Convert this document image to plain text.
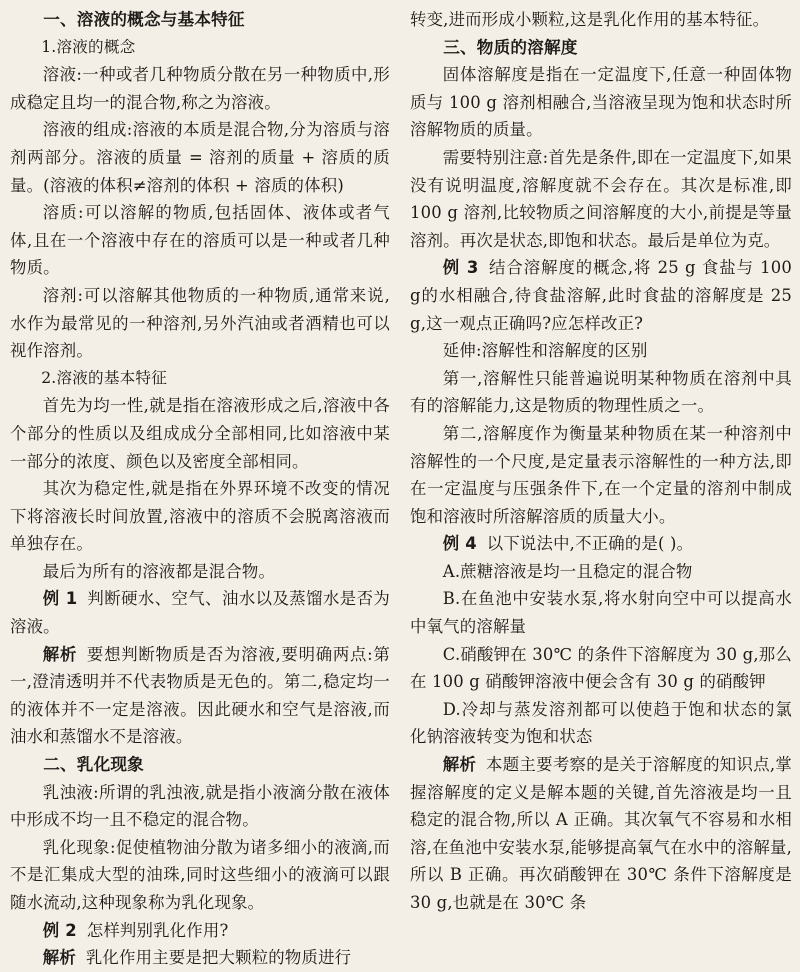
一、溶液的概念与基本特征

1.溶液的概念

溶液:一种或者几种物质分散在另一种物质中,形成稳定且均一的混合物,称之为溶液。

溶液的组成:溶液的本质是混合物,分为溶质与溶剂两部分。溶液的质量 = 溶剂的质量 + 溶质的质量。(溶液的体积≠溶剂的体积 + 溶质的体积)

溶质:可以溶解的物质,包括固体、液体或者气体,且在一个溶液中存在的溶质可以是一种或者几种物质。

溶剂:可以溶解其他物质的一种物质,通常来说,水作为最常见的一种溶剂,另外汽油或者酒精也可以视作溶剂。

2.溶液的基本特征

首先为均一性,就是指在溶液形成之后,溶液中各个部分的性质以及组成成分全部相同,比如溶液中某一部分的浓度、颜色以及密度全部相同。

其次为稳定性,就是指在外界环境不改变的情况下将溶液长时间放置,溶液中的溶质不会脱离溶液而单独存在。

最后为所有的溶液都是混合物。

例 1 判断硬水、空气、油水以及蒸馏水是否为溶液。

解析 要想判断物质是否为溶液,要明确两点:第一,澄清透明并不代表物质是无色的。第二,稳定均一的液体并不一定是溶液。因此硬水和空气是溶液,而油水和蒸馏水不是溶液。

二、乳化现象

乳浊液:所谓的乳浊液,就是指小液滴分散在液体中形成不均一且不稳定的混合物。

乳化现象:促使植物油分散为诸多细小的液滴,而不是汇集成大型的油珠,同时这些细小的液滴可以跟随水流动,这种现象称为乳化现象。

例 2 怎样判别乳化作用?

解析 乳化作用主要是把大颗粒的物质进行

转变,进而形成小颗粒,这是乳化作用的基本特征。

三、物质的溶解度

固体溶解度是指在一定温度下,任意一种固体物质与 100 g 溶剂相融合,当溶液呈现为饱和状态时所溶解物质的质量。

需要特别注意:首先是条件,即在一定温度下,如果没有说明温度,溶解度就不会存在。其次是标准,即 100 g 溶剂,比较物质之间溶解度的大小,前提是等量溶剂。再次是状态,即饱和状态。最后是单位为克。

例 3 结合溶解度的概念,将 25 g 食盐与 100 g的水相融合,待食盐溶解,此时食盐的溶解度是 25 g,这一观点正确吗?应怎样改正?

延伸:溶解性和溶解度的区别

第一,溶解性只能普遍说明某种物质在溶剂中具有的溶解能力,这是物质的物理性质之一。

第二,溶解度作为衡量某种物质在某一种溶剂中溶解性的一个尺度,是定量表示溶解性的一种方法,即在一定温度与压强条件下,在一个定量的溶剂中制成饱和溶液时所溶解溶质的质量大小。

例 4 以下说法中,不正确的是( )。

A.蔗糖溶液是均一且稳定的混合物

B.在鱼池中安装水泵,将水射向空中可以提高水中氧气的溶解量

C.硝酸钾在 30℃ 的条件下溶解度为 30 g,那么在 100 g 硝酸钾溶液中便会含有 30 g 的硝酸钾

D.冷却与蒸发溶剂都可以使趋于饱和状态的氯化钠溶液转变为饱和状态

解析 本题主要考察的是关于溶解度的知识点,掌握溶解度的定义是解本题的关键,首先溶液是均一且稳定的混合物,所以 A 正确。其次氧气不容易和水相溶,在鱼池中安装水泵,能够提高氧气在水中的溶解量,所以 B 正确。再次硝酸钾在 30℃ 条件下溶解度是 30 g,也就是在 30℃ 条
